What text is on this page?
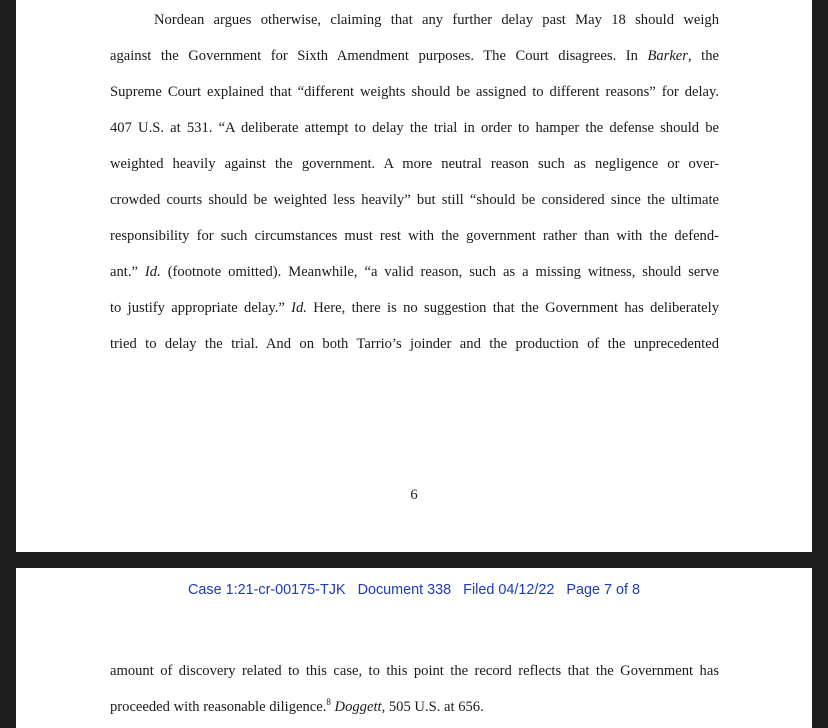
Nordean argues otherwise, claiming that any further delay past May 18 should weigh
against the Government for Sixth Amendment purposes. The Court disagrees. In Barker, the
Supreme Court explained that “different weights should be assigned to different reasons” for delay.
407 U.S. at 531. “A deliberate attempt to delay the trial in order to hamper the defense should be
weighted heavily against the government. A more neutral reason such as negligence or over-
crowded courts should be weighted less heavily” but still “should be considered since the ultimate
responsibility for such circumstances must rest with the government rather than with the defend-
ant.” Id. (footnote omitted). Meanwhile, “a valid reason, such as a missing witness, should serve
to justify appropriate delay.” Id. Here, there is no suggestion that the Government has deliberately
tried to delay the trial. And on both Tarrio’s joinder and the production of the unprecedented

6
Case 1:21-cr-00175-TJK Document 338 Filed 04/12/22 Page 7 of 8

amount of discovery related to this case, to this point the record reflects that the Government has
proceeded with reasonable diligence.$^8$ Doggett, 505 U.S. at 656.
